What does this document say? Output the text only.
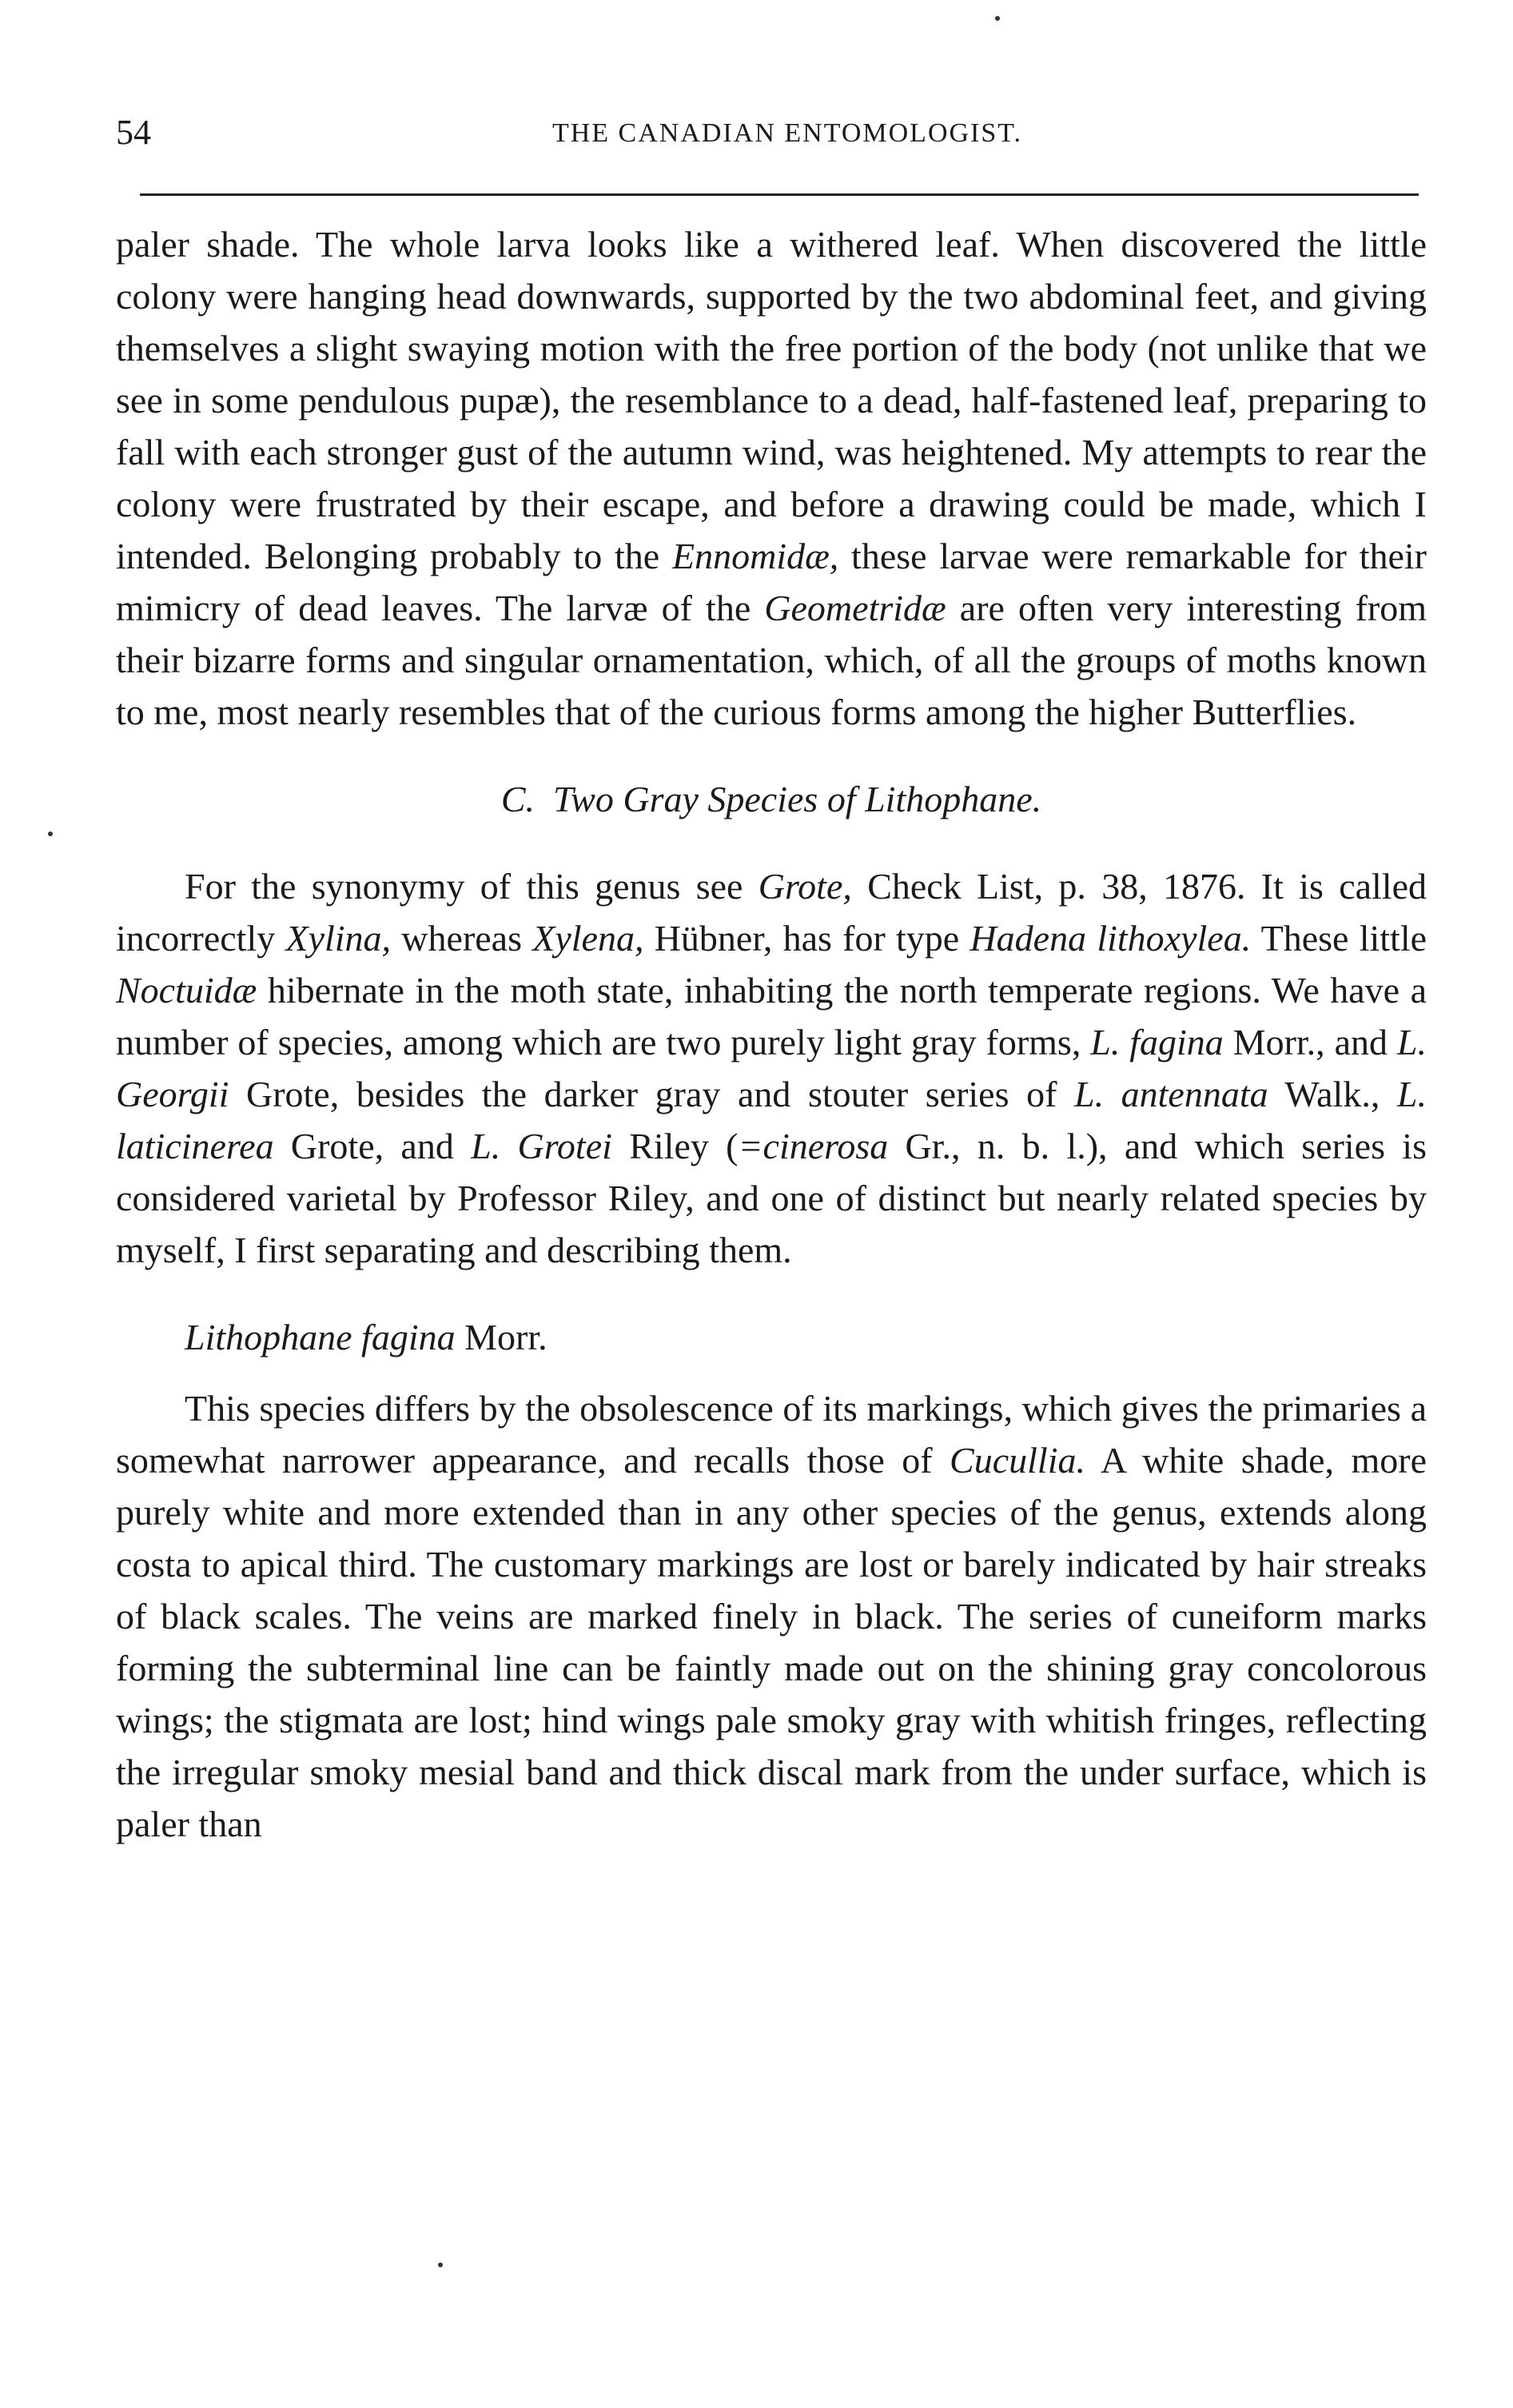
54	THE CANADIAN ENTOMOLOGIST.

paler shade. The whole larva looks like a withered leaf. When discovered the little colony were hanging head downwards, supported by the two abdominal feet, and giving themselves a slight swaying motion with the free portion of the body (not unlike that we see in some pendulous pupæ), the resemblance to a dead, half-fastened leaf, preparing to fall with each stronger gust of the autumn wind, was heightened. My attempts to rear the colony were frustrated by their escape, and before a drawing could be made, which I intended. Belonging probably to the Ennomidæ, these larvae were remarkable for their mimicry of dead leaves. The larvæ of the Geometridæ are often very interesting from their bizarre forms and singular ornamentation, which, of all the groups of moths known to me, most nearly resembles that of the curious forms among the higher Butterflies.

C. Two Gray Species of Lithophane.

For the synonymy of this genus see Grote, Check List, p. 38, 1876. It is called incorrectly Xylina, whereas Xylena, Hübner, has for type Hadena lithoxylea. These little Noctuidæ hibernate in the moth state, inhabiting the north temperate regions. We have a number of species, among which are two purely light gray forms, L. fagina Morr., and L. Georgii Grote, besides the darker gray and stouter series of L. antennata Walk., L. laticinerea Grote, and L. Grotei Riley (=cinerosa Gr., n. b. l.), and which series is considered varietal by Professor Riley, and one of distinct but nearly related species by myself, I first separating and describing them.

Lithophane fagina Morr.

This species differs by the obsolescence of its markings, which gives the primaries a somewhat narrower appearance, and recalls those of Cucullia. A white shade, more purely white and more extended than in any other species of the genus, extends along costa to apical third. The customary markings are lost or barely indicated by hair streaks of black scales. The veins are marked finely in black. The series of cuneiform marks forming the subterminal line can be faintly made out on the shining gray concolorous wings; the stigmata are lost; hind wings pale smoky gray with whitish fringes, reflecting the irregular smoky mesial band and thick discal mark from the under surface, which is paler than
